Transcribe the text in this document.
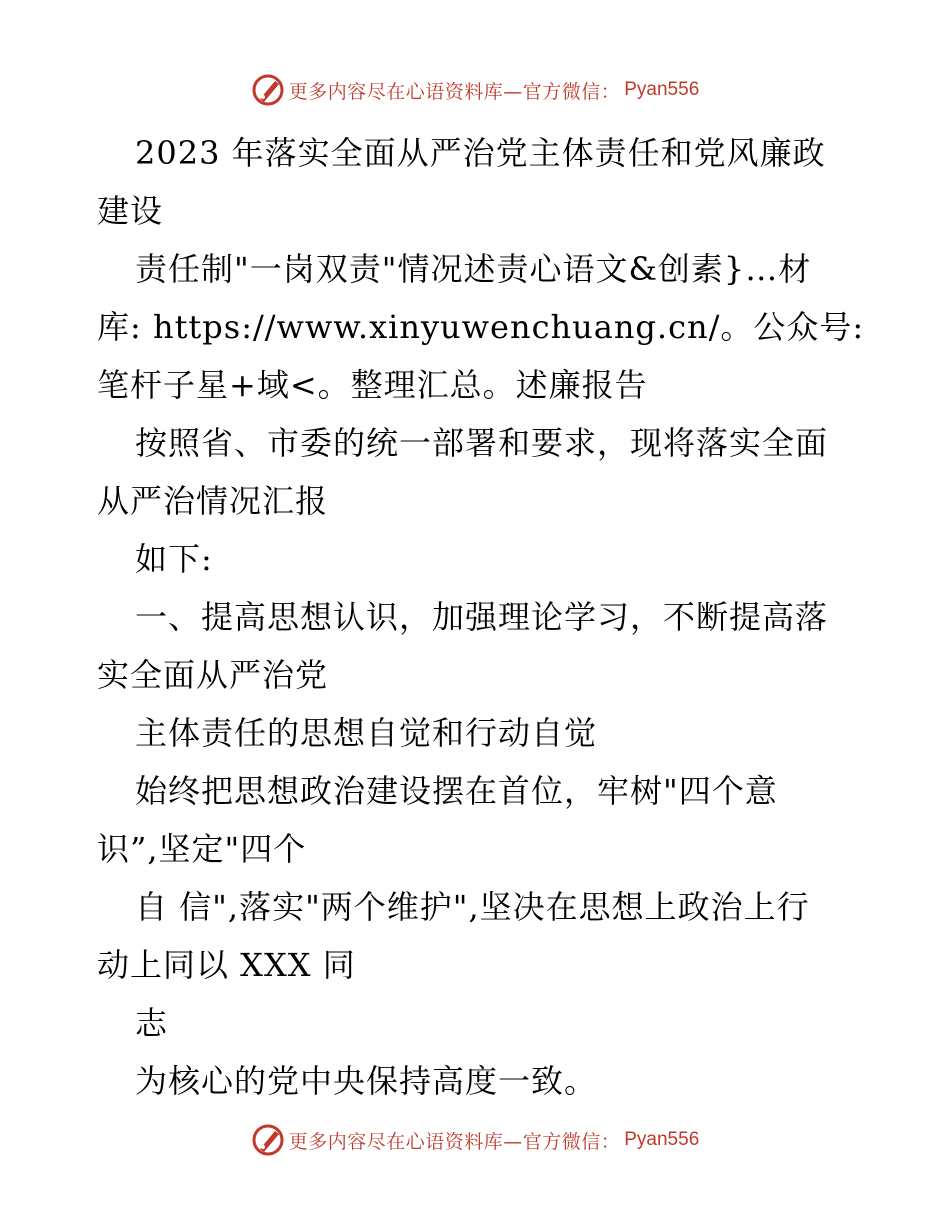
更多内容尽在心语资料库—官方微信： Pyan556
2023 年落实全面从严治党主体责任和党风廉政
建设
责任制"一岗双责"情况述责心语文&创素}…材
库: https://www.xinyuwenchuang.cn/。公众号:
笔杆子星+域<。整理汇总。述廉报告
按照省、市委的统一部署和要求，现将落实全面
从严治情况汇报
如下:
一、提高思想认识，加强理论学习，不断提高落
实全面从严治党
主体责任的思想自觉和行动自觉
始终把思想政治建设摆在首位，牢树"四个意
识”,坚定"四个
自 信",落实"两个维护",坚决在思想上政治上行
动上同以 XXX 同
志
为核心的党中央保持高度一致。
更多内容尽在心语资料库—官方微信： Pyan556
